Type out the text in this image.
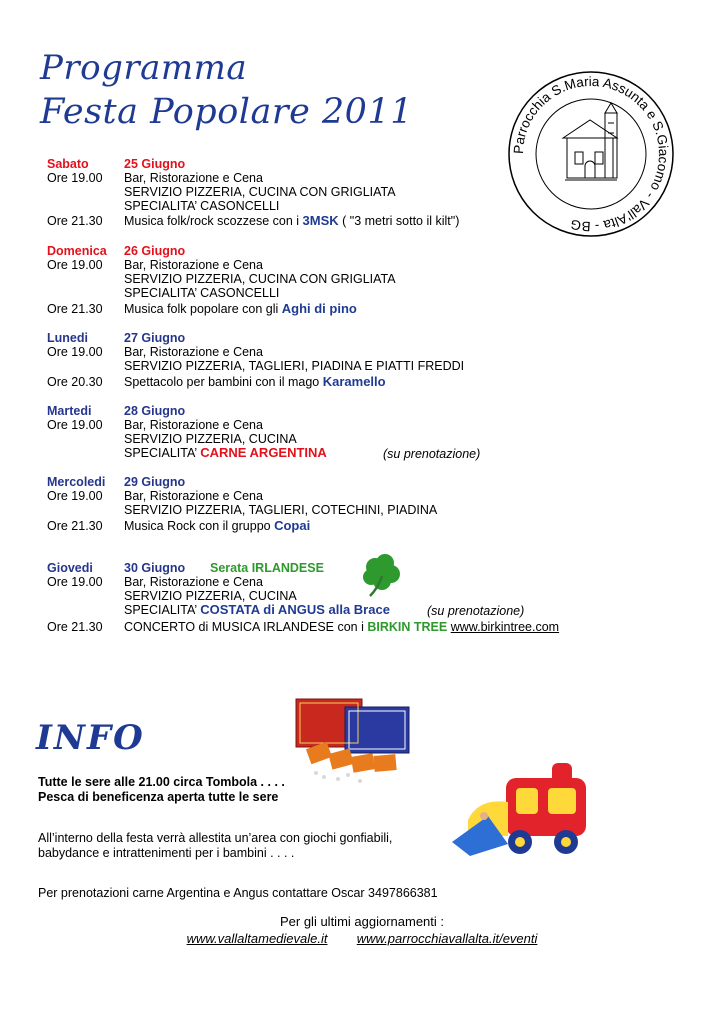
Programma
Festa Popolare 2011
Parrocchia S.Maria Assunta e S.Giacomo - Vall'Alta - BG
Sabato	25 Giugno
Ore 19.00 Bar, Ristorazione e Cena
SERVIZIO PIZZERIA, CUCINA CON GRIGLIATA
SPECIALITA’ CASONCELLI
Ore 21.30 Musica folk/rock scozzese con i 3MSK ( "3 metri sotto il kilt")
Domenica 26 Giugno
Ore 19.00 Bar, Ristorazione e Cena
SERVIZIO PIZZERIA, CUCINA CON GRIGLIATA
SPECIALITA’ CASONCELLI
Ore 21.30 Musica folk popolare con gli Aghi di pino
Lunedi	27 Giugno
Ore 19.00 Bar, Ristorazione e Cena
SERVIZIO PIZZERIA, TAGLIERI, PIADINA E PIATTI FREDDI
Ore 20.30 Spettacolo per bambini con il mago Karamello
Martedi	28 Giugno
Ore 19.00 Bar, Ristorazione e Cena
SERVIZIO PIZZERIA, CUCINA
SPECIALITA’ CARNE ARGENTINA	(su prenotazione)
Mercoledi 29 Giugno
Ore 19.00 Bar, Ristorazione e Cena
SERVIZIO PIZZERIA, TAGLIERI, COTECHINI, PIADINA
Ore 21.30 Musica Rock con il gruppo Copai
Giovedi 30 Giugno Serata IRLANDESE
Ore 19.00 Bar, Ristorazione e Cena
SERVIZIO PIZZERIA, CUCINA
SPECIALITA’ COSTATA di ANGUS alla Brace	(su prenotazione)
Ore 21.30 CONCERTO di MUSICA IRLANDESE con i BIRKIN TREE www.birkintree.com
INFO
Tutte le sere alle 21.00 circa Tombola . . . .
Pesca di beneficenza aperta tutte le sere
All’interno della festa verrà allestita un’area con giochi gonfiabili,
babydance e intrattenimenti per i bambini . . . .
Per prenotazioni carne Argentina e Angus contattare Oscar 3497866381
Per gli ultimi aggiornamenti :
www.vallaltamedievale.it www.parrocchiavallalta.it/eventi
